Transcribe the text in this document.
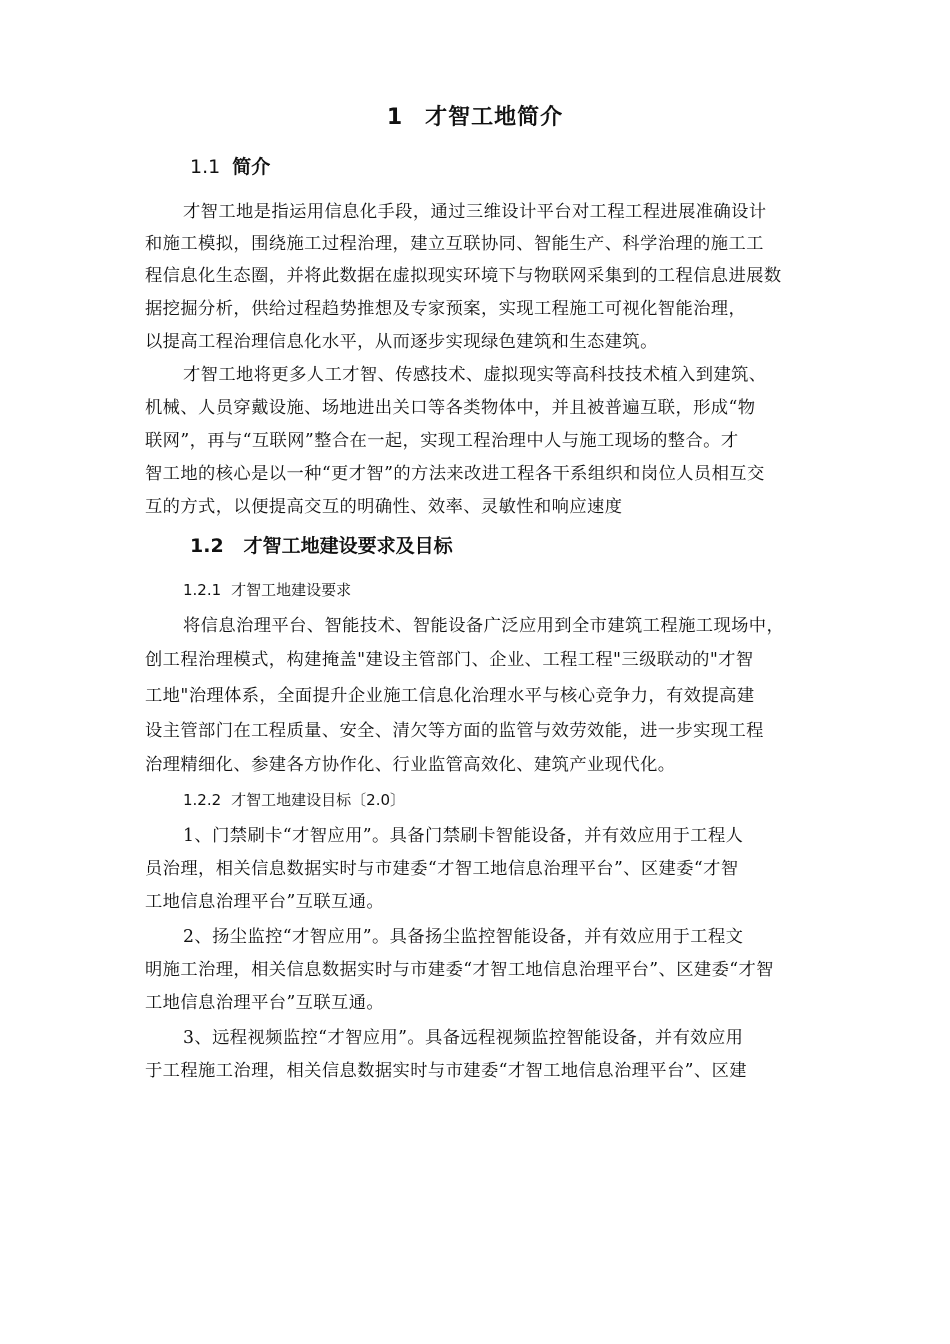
1 才智工地简介
1.1 简介
才智工地是指运用信息化手段，通过三维设计平台对工程工程进展准确设计
和施工模拟，围绕施工过程治理，建立互联协同、智能生产、科学治理的施工工
程信息化生态圈，并将此数据在虚拟现实环境下与物联网采集到的工程信息进展数
据挖掘分析，供给过程趋势推想及专家预案，实现工程施工可视化智能治理，
以提高工程治理信息化水平，从而逐步实现绿色建筑和生态建筑。
才智工地将更多人工才智、传感技术、虚拟现实等高科技技术植入到建筑、
机械、人员穿戴设施、场地进出关口等各类物体中，并且被普遍互联，形成“物
联网”，再与“互联网”整合在一起，实现工程治理中人与施工现场的整合。才
智工地的核心是以一种“更才智”的方法来改进工程各干系组织和岗位人员相互交
互的方式，以便提高交互的明确性、效率、灵敏性和响应速度
1.2 才智工地建设要求及目标
1.2.1 才智工地建设要求
将信息治理平台、智能技术、智能设备广泛应用到全市建筑工程施工现场中，
创工程治理模式，构建掩盖"建设主管部门、企业、工程工程"三级联动的"才智
工地"治理体系，全面提升企业施工信息化治理水平与核心竞争力，有效提高建
设主管部门在工程质量、安全、清欠等方面的监管与效劳效能，进一步实现工程
治理精细化、参建各方协作化、行业监管高效化、建筑产业现代化。
1.2.2 才智工地建设目标〔2.0〕
1、门禁刷卡“才智应用”。具备门禁刷卡智能设备，并有效应用于工程人
员治理，相关信息数据实时与市建委“才智工地信息治理平台”、区建委“才智
工地信息治理平台”互联互通。
2、扬尘监控“才智应用”。具备扬尘监控智能设备，并有效应用于工程文
明施工治理，相关信息数据实时与市建委“才智工地信息治理平台”、区建委“才智
工地信息治理平台”互联互通。
3、远程视频监控“才智应用”。具备远程视频监控智能设备，并有效应用
于工程施工治理，相关信息数据实时与市建委“才智工地信息治理平台”、区建
